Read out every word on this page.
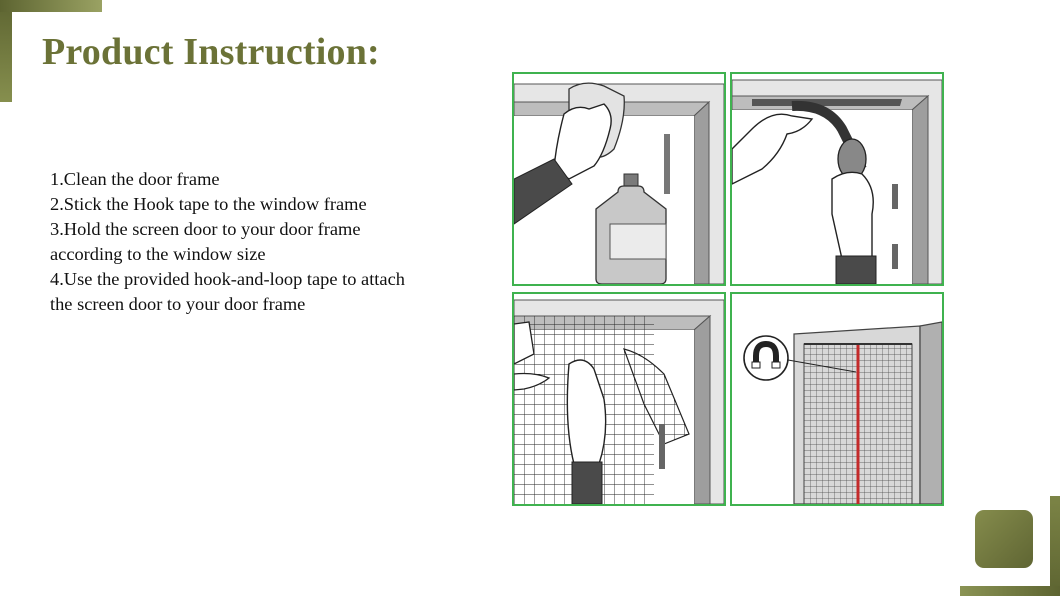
Product Instruction:
1.Clean the door frame
2.Stick the Hook tape to the window frame
3.Hold the screen door to your door frame
according to the window size
4.Use the provided hook-and-loop tape to attach
the screen door to your door frame
